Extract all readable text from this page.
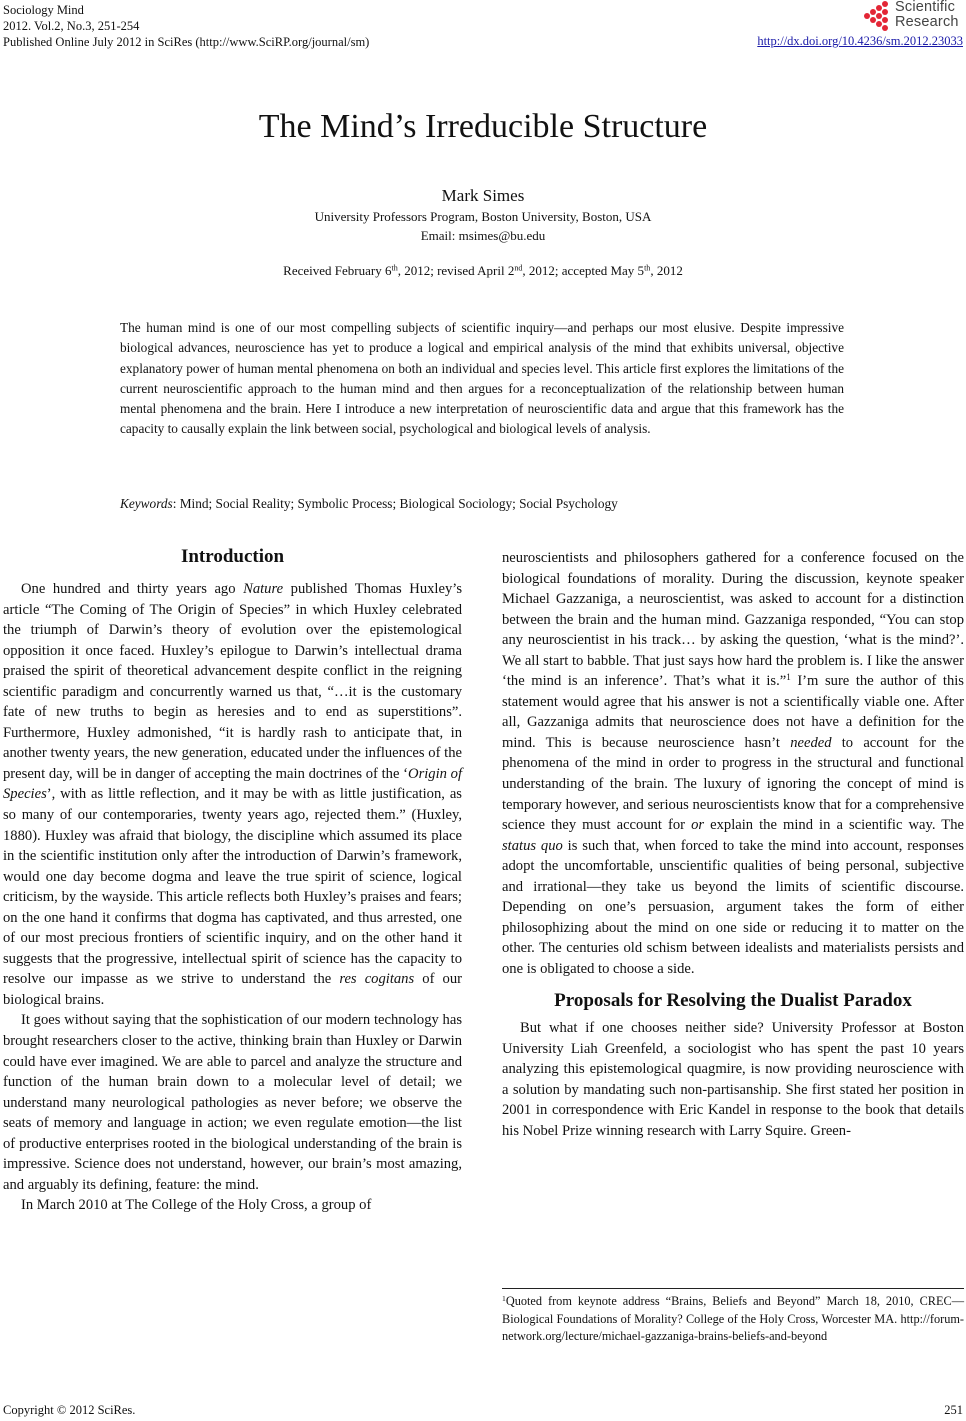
Sociology Mind
2012. Vol.2, No.3, 251-254
Published Online July 2012 in SciRes (http://www.SciRP.org/journal/sm)
Scientific
Research
http://dx.doi.org/10.4236/sm.2012.23033
The Mind’s Irreducible Structure
Mark Simes
University Professors Program, Boston University, Boston, USA
Email: msimes@bu.edu
Received February 6th, 2012; revised April 2nd, 2012; accepted May 5th, 2012
The human mind is one of our most compelling subjects of scientific inquiry—and perhaps our most elusive. Despite impressive biological advances, neuroscience has yet to produce a logical and empirical analysis of the mind that exhibits universal, objective explanatory power of human mental phenomena on both an individual and species level. This article first explores the limitations of the current neuroscientific approach to the human mind and then argues for a reconceptualization of the relationship between human mental phenomena and the brain. Here I introduce a new interpretation of neuroscientific data and argue that this framework has the capacity to causally explain the link between social, psychological and biological levels of analysis.
Keywords: Mind; Social Reality; Symbolic Process; Biological Sociology; Social Psychology
Introduction

One hundred and thirty years ago Nature published Thomas Huxley’s article “The Coming of The Origin of Species” in which Huxley celebrated the triumph of Darwin’s theory of evolution over the epistemological opposition it once faced. Huxley’s epilogue to Darwin’s intellectual drama praised the spirit of theoretical advancement despite conflict in the reigning scientific paradigm and concurrently warned us that, “…it is the customary fate of new truths to begin as heresies and to end as superstitions”. Furthermore, Huxley admonished, “it is hardly rash to anticipate that, in another twenty years, the new generation, educated under the influences of the present day, will be in danger of accepting the main doctrines of the ‘Origin of Species’, with as little reflection, and it may be with as little justification, as so many of our contemporaries, twenty years ago, rejected them.” (Huxley, 1880). Huxley was afraid that biology, the discipline which assumed its place in the scientific institution only after the introduction of Darwin’s framework, would one day become dogma and leave the true spirit of science, logical criticism, by the wayside. This article reflects both Huxley’s praises and fears; on the one hand it confirms that dogma has captivated, and thus arrested, one of our most precious frontiers of scientific inquiry, and on the other hand it suggests that the progressive, intellectual spirit of science has the capacity to resolve our impasse as we strive to understand the res cogitans of our biological brains.

It goes without saying that the sophistication of our modern technology has brought researchers closer to the active, thinking brain than Huxley or Darwin could have ever imagined. We are able to parcel and analyze the structure and function of the human brain down to a molecular level of detail; we understand many neurological pathologies as never before; we observe the seats of memory and language in action; we even regulate emotion—the list of productive enterprises rooted in the biological understanding of the brain is impressive. Science does not understand, however, our brain’s most amazing, and arguably its defining, feature: the mind.

In March 2010 at The College of the Holy Cross, a group of

neuroscientists and philosophers gathered for a conference focused on the biological foundations of morality. During the discussion, keynote speaker Michael Gazzaniga, a neuroscientist, was asked to account for a distinction between the brain and the human mind. Gazzaniga responded, “You can stop any neuroscientist in his track… by asking the question, ‘what is the mind?’. We all start to babble. That just says how hard the problem is. I like the answer ‘the mind is an inference’. That’s what it is.”$^1$ I’m sure the author of this statement would agree that his answer is not a scientifically viable one. After all, Gazzaniga admits that neuroscience does not have a definition for the mind. This is because neuroscience hasn’t needed to account for the phenomena of the mind in order to progress in the structural and functional understanding of the brain. The luxury of ignoring the concept of mind is temporary however, and serious neuroscientists know that for a comprehensive science they must account for or explain the mind in a scientific way. The status quo is such that, when forced to take the mind into account, responses adopt the uncomfortable, unscientific qualities of being personal, subjective and irrational—they take us beyond the limits of scientific discourse. Depending on one’s persuasion, argument takes the form of either philosophizing about the mind on one side or reducing it to matter on the other. The centuries old schism between idealists and materialists persists and one is obligated to choose a side.

Proposals for Resolving the Dualist Paradox

But what if one chooses neither side? University Professor at Boston University Liah Greenfeld, a sociologist who has spent the past 10 years analyzing this epistemological quagmire, is now providing neuroscience with a solution by mandating such non-partisanship. She first stated her position in 2001 in correspondence with Eric Kandel in response to the book that details his Nobel Prize winning research with Larry Squire. Green-

$^1$Quoted from keynote address “Brains, Beliefs and Beyond” March 18, 2010, CREC—Biological Foundations of Morality? College of the Holy Cross, Worcester MA. http://forum-network.org/lecture/michael-gazzaniga-brains-beliefs-and-beyond
Copyright © 2012 SciRes.	251
